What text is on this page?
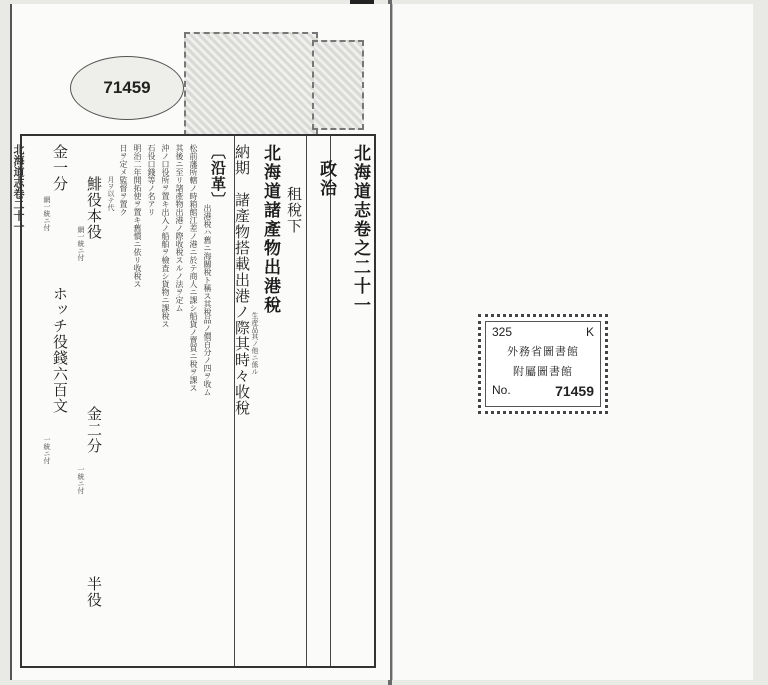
北海道志卷二十一
71459
北海道志卷之二十一
政治
租稅下
北海道諸產物出港稅
生産品其ノ他ニ係ル
納期　諸產物搭載出港ノ際其時々收稅
〔沿革〕
出港稅ハ舊ニ海關稅ト稱ス其稅品ノ價百分ノ四ヲ收ム
松前藩所轄ノ時箱館江差ノ港ニ於テ商人ニ課シ船貨ノ賣買ニ稅ヲ課ス
其後ニ至リ諸產物出港ノ際收稅スルノ法ヲ定ム
沖ノ口役所ヲ置キ出入ノ船舶ヲ檢査シ貨物ニ課稅ス
石役口錢等ノ名アリ
明治二年開拓使ヲ置キ舊慣ニ依リ收稅ス
日ヲ定メ監督ヲ置ク
月ヲ以テ代
鯡役本役
網一統ニ付
金一分
網一統ニ付
金二分
一統ニ付
ホッチ役錢六百文
一統ニ付
半役
325	K
外務省圖書館
附屬圖書館
No.	71459
